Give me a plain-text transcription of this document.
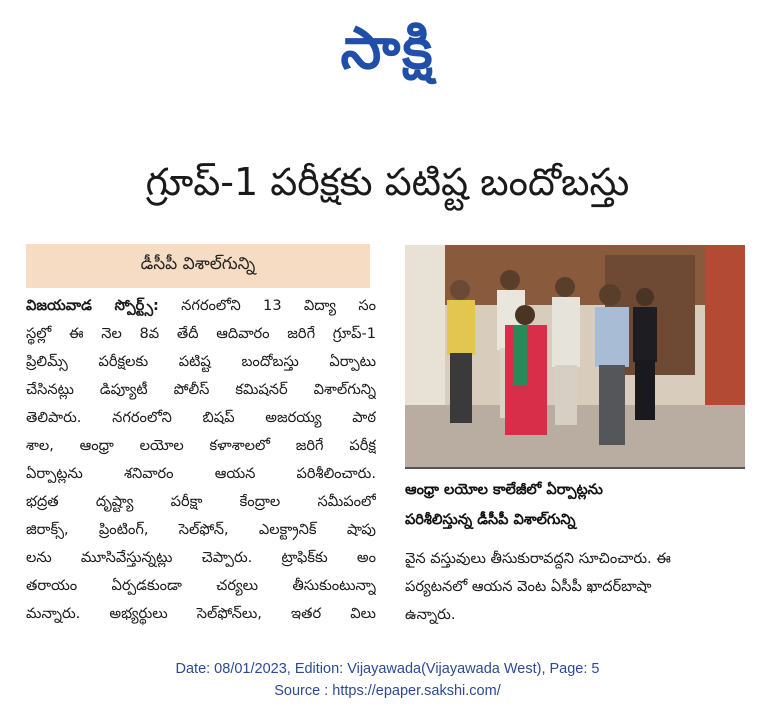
సాక్షి
గ్రూప్-1 పరీక్షకు పటిష్ట బందోబస్తు
డీసీపీ విశాల్‌గున్ని
విజయవాడ స్పోర్ట్స్‌: నగరంలోని 13 విద్యా సం
స్థల్లో ఈ నెల 8వ తేదీ ఆదివారం జరిగే గ్రూప్‌-1
ప్రిలిమ్స్‌ పరీక్షలకు పటిష్ట బందోబస్తు ఏర్పాటు
చేసినట్లు డిప్యూటీ పోలీస్‌ కమిషనర్‌ విశాల్‌గున్ని
తెలిపారు. నగరంలోని బిషప్‌ అజరయ్య పాఠ
శాల, ఆంధ్రా లయోల కళాశాలలో జరిగే పరీక్ష
ఏర్పాట్లను శనివారం ఆయన పరిశీలించారు.
భద్రత దృష్ట్యా పరీక్షా కేంద్రాల సమీపంలో
జిరాక్స్‌, ప్రింటింగ్‌, సెల్‌ఫోన్‌, ఎలక్ట్రానిక్‌ షాపు
లను మూసివేస్తున్నట్లు చెప్పారు. ట్రాఫిక్‌కు అం
తరాయం ఏర్పడకుండా చర్యలు తీసుకుంటున్నా
మన్నారు. అభ్యర్థులు సెల్‌ఫోన్‌లు, ఇతర విలు
ఆంధ్రా లయోల కాలేజీలో ఏర్పాట్లను
పరిశీలిస్తున్న డీసీపీ విశాల్‌గున్ని
వైన వస్తువులు తీసుకురావద్దని సూచించారు. ఈ
పర్యటనలో ఆయన వెంట ఏసీపీ ఖాదర్‌బాషా
ఉన్నారు.
Date: 08/01/2023, Edition: Vijayawada(Vijayawada West), Page: 5
Source : https://epaper.sakshi.com/
